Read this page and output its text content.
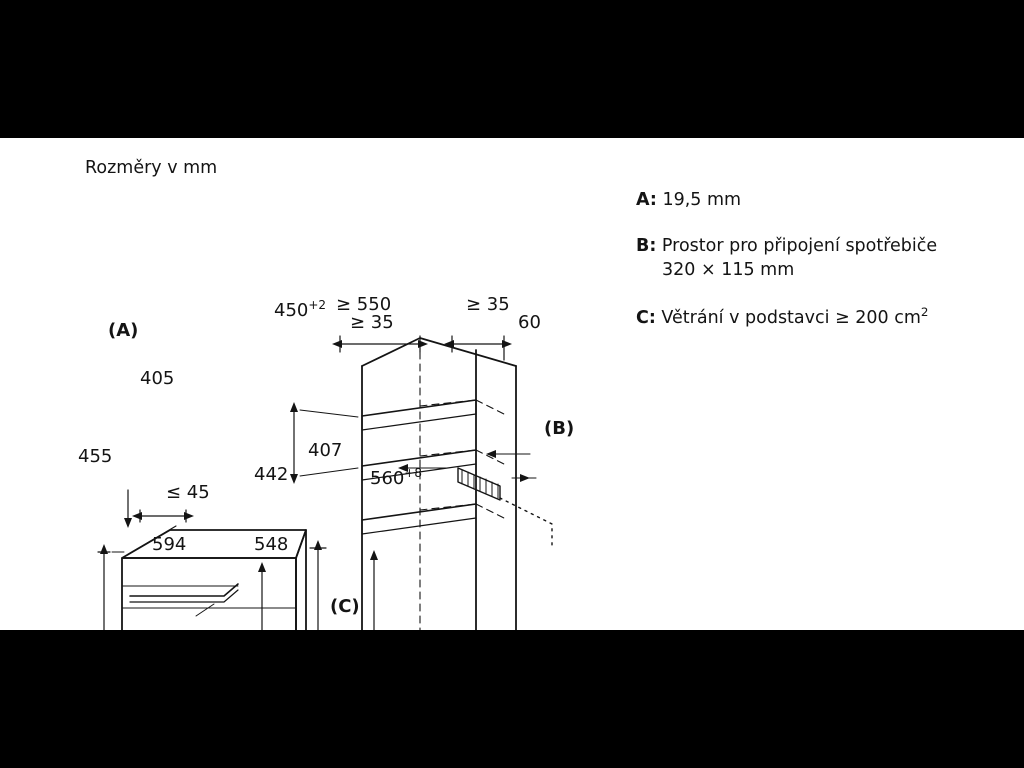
Rozměry v mm
(A)
405
455
≤ 45
442
407
594	548
≥ 550	≥ 35
$450^{+2}$
≥ 35	60
$560^{+8}$
(B)
(C)
A: 19,5 mm
B: Prostor pro připojení spotřebiče
320 × 115 mm
C: Větrání v podstavci ≥ 200 $cm^2$
